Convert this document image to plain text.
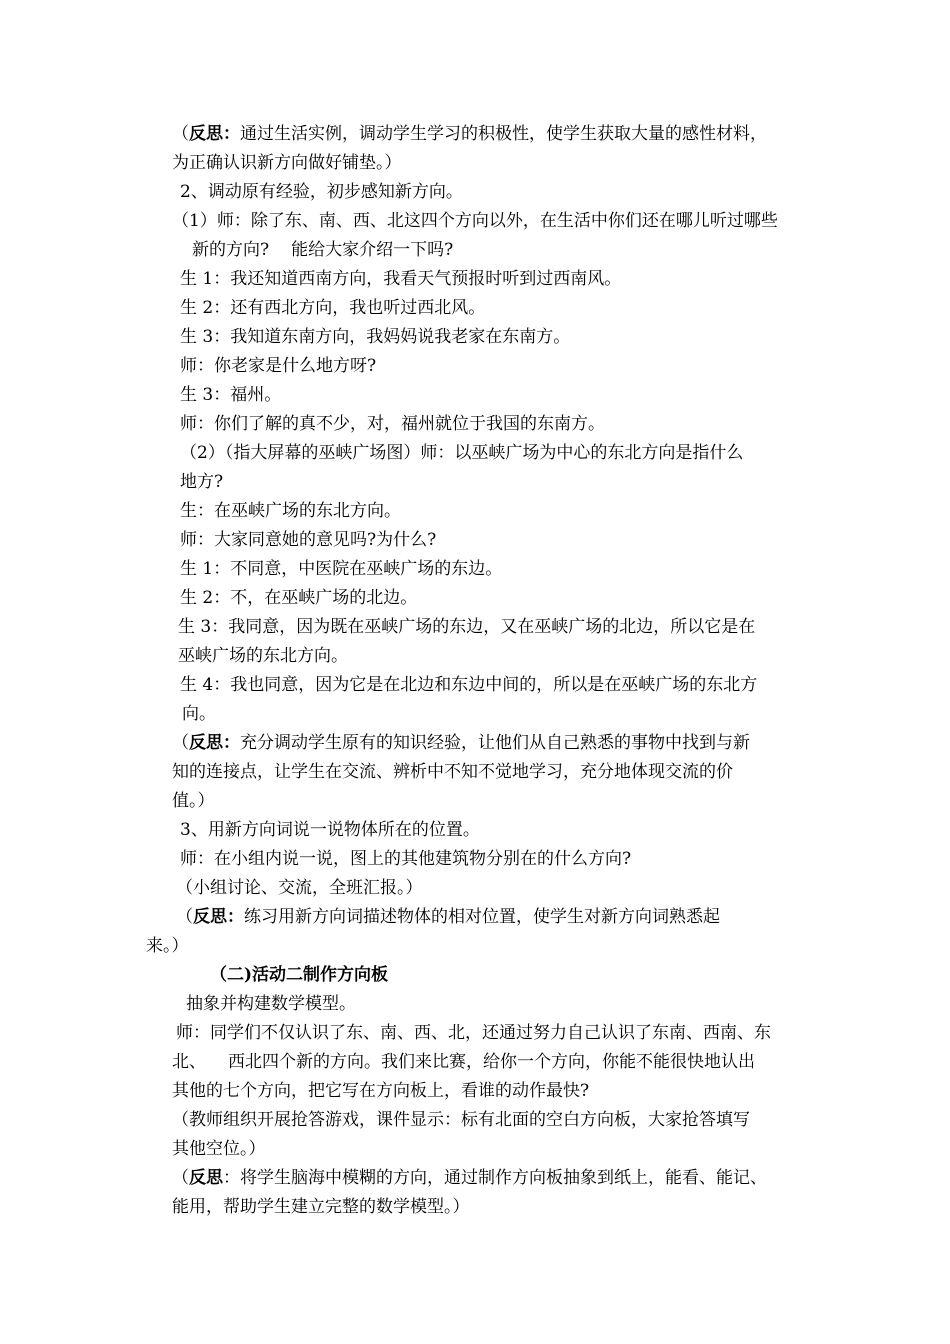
（反思：通过生活实例，调动学生学习的积极性，使学生获取大量的感性材料，
为正确认识新方向做好铺垫。）
2、调动原有经验，初步感知新方向。
（1）师：除了东、南、西、北这四个方向以外，在生活中你们还在哪儿听过哪些
新的方向? 能给大家介绍一下吗?
生 1：我还知道西南方向，我看天气预报时听到过西南风。
生 2：还有西北方向，我也听过西北风。
生 3：我知道东南方向，我妈妈说我老家在东南方。
师：你老家是什么地方呀?
生 3：福州。
师：你们了解的真不少，对，福州就位于我国的东南方。
（2）（指大屏幕的巫峡广场图）师：以巫峡广场为中心的东北方向是指什么
地方?
生：在巫峡广场的东北方向。
师：大家同意她的意见吗?为什么?
生 1：不同意，中医院在巫峡广场的东边。
生 2：不，在巫峡广场的北边。
生 3：我同意，因为既在巫峡广场的东边，又在巫峡广场的北边，所以它是在
巫峡广场的东北方向。
生 4：我也同意，因为它是在北边和东边中间的，所以是在巫峡广场的东北方
向。
（反思：充分调动学生原有的知识经验，让他们从自己熟悉的事物中找到与新
知的连接点，让学生在交流、辨析中不知不觉地学习，充分地体现交流的价
值。）
3、用新方向词说一说物体所在的位置。
师：在小组内说一说，图上的其他建筑物分别在的什么方向?
（小组讨论、交流，全班汇报。）
（反思：练习用新方向词描述物体的相对位置，使学生对新方向词熟悉起
来。）
（二)活动二制作方向板
抽象并构建数学模型。
师：同学们不仅认识了东、南、西、北，还通过努力自己认识了东南、西南、东
北、 西北四个新的方向。我们来比赛，给你一个方向，你能不能很快地认出
其他的七个方向，把它写在方向板上，看谁的动作最快?
（教师组织开展抢答游戏，课件显示：标有北面的空白方向板，大家抢答填写
其他空位。）
（反思：将学生脑海中模糊的方向，通过制作方向板抽象到纸上，能看、能记、
能用，帮助学生建立完整的数学模型。）
